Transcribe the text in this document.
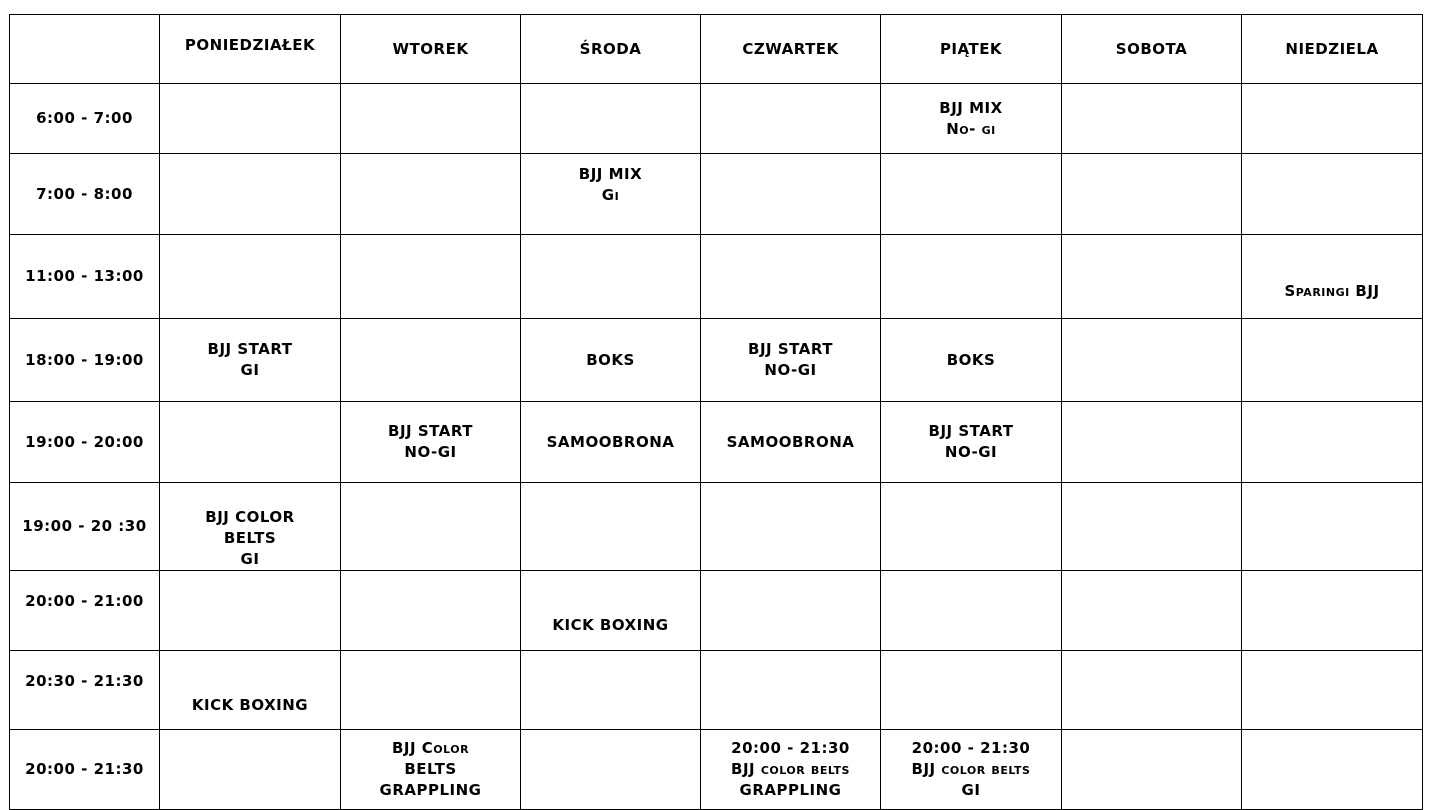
	PONIEDZIAŁEK	WTOREK	ŚRODA	CZWARTEK	PIĄTEK	SOBOTA	NIEDZIELA
6:00 - 7:00					BJJ MIX
No- gi		

7:00 - 8:00			BJJ MIX
Gi				

11:00 - 13:00							Sparingi BJJ

18:00 - 19:00	BJJ START
GI		BOKS	BJJ START
NO-GI	BOKS		

19:00 - 20:00		BJJ START
NO-GI	SAMOOBRONA	SAMOOBRONA	BJJ START
NO-GI		

19:00 - 20 :30	BJJ COLOR
BELTS
GI						

20:00 - 21:00			KICK BOXING				

20:30 - 21:30	KICK BOXING						

20:00 - 21:30		BJJ Color
BELTS
GRAPPLING		20:00 - 21:30
BJJ color belts
GRAPPLING	20:00 - 21:30
BJJ color belts
GI		
